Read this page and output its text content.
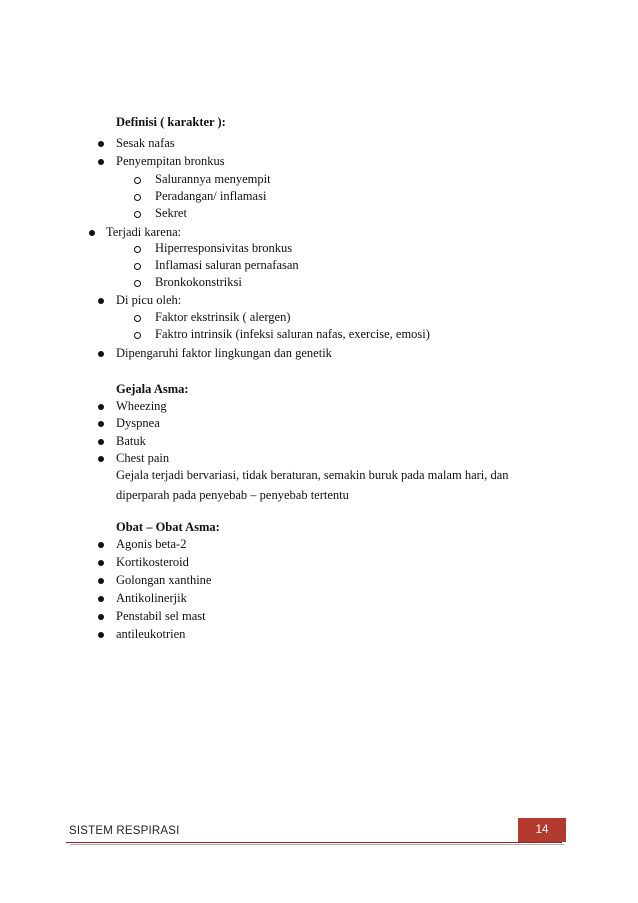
Definisi ( karakter ):
Sesak nafas
Penyempitan bronkus
Salurannya menyempit
Peradangan/ inflamasi
Sekret
Terjadi karena:
Hiperresponsivitas bronkus
Inflamasi saluran pernafasan
Bronkokonstriksi
Di picu oleh:
Faktor ekstrinsik ( alergen)
Faktro intrinsik (infeksi saluran nafas, exercise, emosi)
Dipengaruhi faktor lingkungan dan genetik
Gejala Asma:
Wheezing
Dyspnea
Batuk
Chest pain
Gejala terjadi bervariasi, tidak beraturan, semakin buruk pada malam hari, dan
diperparah pada penyebab – penyebab tertentu
Obat – Obat Asma:
Agonis beta-2
Kortikosteroid
Golongan xanthine
Antikolinerjik
Penstabil sel mast
antileukotrien
SISTEM RESPIRASI	14
